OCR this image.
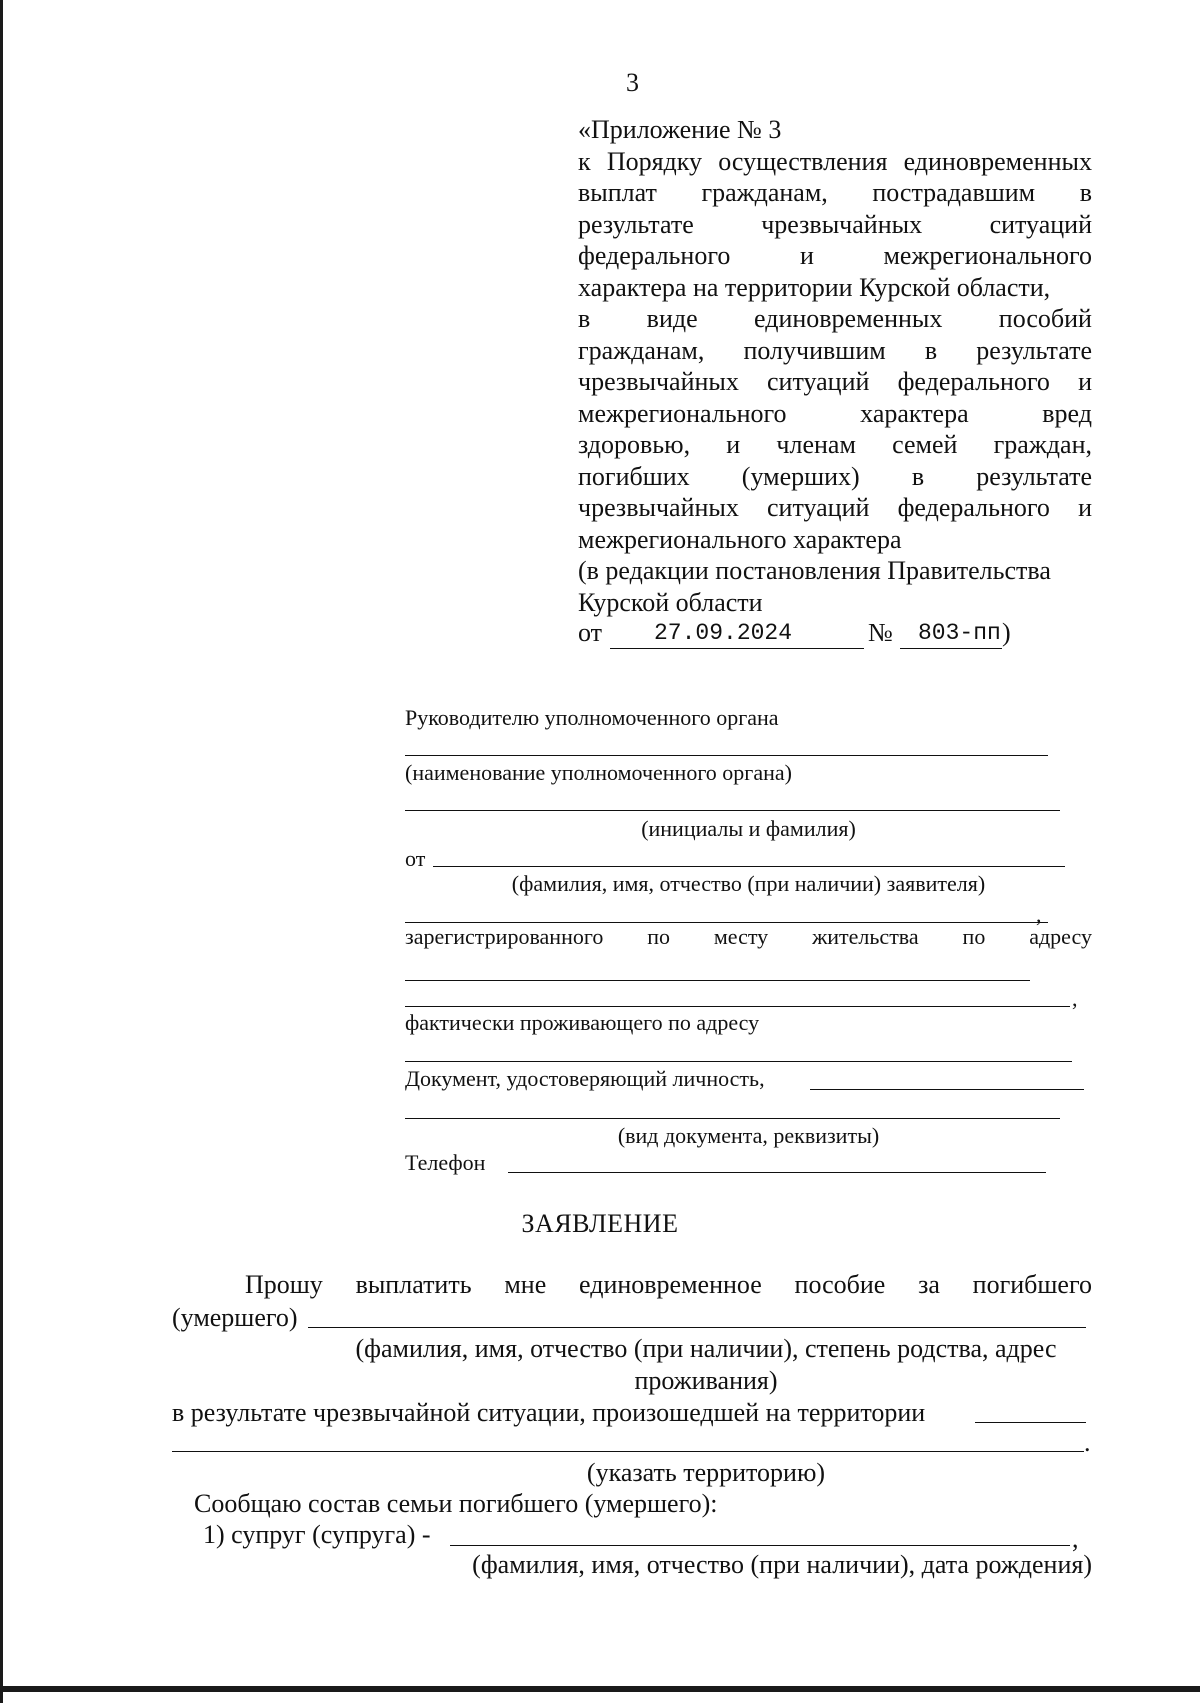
3
«Приложение № 3
к Порядку осуществления единовременных
выплат гражданам, пострадавшим в
результате	чрезвычайных	ситуаций
федерального	и	межрегионального
характера на территории Курской области,
в виде единовременных пособий
гражданам, получившим в результате
чрезвычайных ситуаций федерального и
межрегионального	характера	вред
здоровью, и членам семей граждан,
погибших (умерших) в результате
чрезвычайных ситуаций федерального и
межрегионального характера
(в редакции постановления Правительства
Курской области
от 27.09.2024	№ 803-пп )
Руководителю уполномоченного органа
(наименование уполномоченного органа)
(инициалы и фамилия)
от
(фамилия, имя, отчество (при наличии) заявителя)
,
зарегистрированного по месту жительства по адресу
,
фактически проживающего по адресу
Документ, удостоверяющий личность,
(вид документа, реквизиты)
Телефон
ЗАЯВЛЕНИЕ
Прошу выплатить мне единовременное пособие за погибшего
(умершего)
(фамилия, имя, отчество (при наличии), степень родства, адрес
проживания)
в результате чрезвычайной ситуации, произошедшей на территории
.
(указать территорию)
Сообщаю состав семьи погибшего (умершего):
1) супруг (супруга) -	,
(фамилия, имя, отчество (при наличии), дата рождения)
